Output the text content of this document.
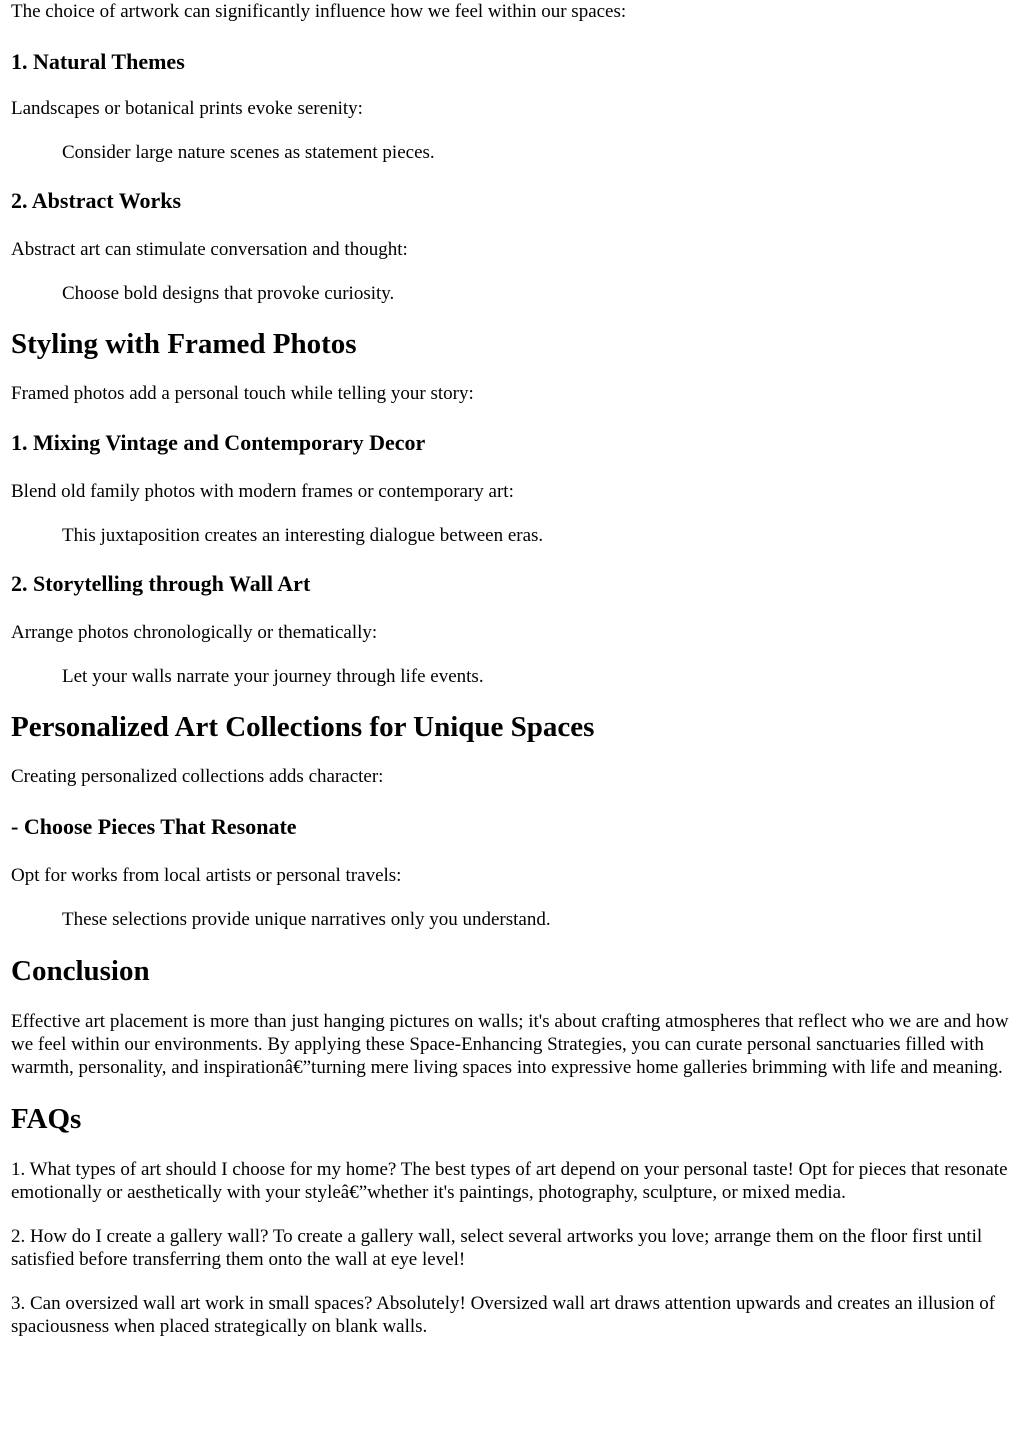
The choice of artwork can significantly influence how we feel within our spaces:

1. Natural Themes

Landscapes or botanical prints evoke serenity:

Consider large nature scenes as statement pieces.

2. Abstract Works

Abstract art can stimulate conversation and thought:

Choose bold designs that provoke curiosity.

Styling with Framed Photos

Framed photos add a personal touch while telling your story:

1. Mixing Vintage and Contemporary Decor

Blend old family photos with modern frames or contemporary art:

This juxtaposition creates an interesting dialogue between eras.

2. Storytelling through Wall Art

Arrange photos chronologically or thematically:

Let your walls narrate your journey through life events.

Personalized Art Collections for Unique Spaces

Creating personalized collections adds character:

- Choose Pieces That Resonate

Opt for works from local artists or personal travels:

These selections provide unique narratives only you understand.

Conclusion

Effective art placement is more than just hanging pictures on walls; it's about crafting atmospheres that reflect who we are and how we feel within our environments. By applying these Space-Enhancing Strategies, you can curate personal sanctuaries filled with warmth, personality, and inspirationâ€”turning mere living spaces into expressive home galleries brimming with life and meaning.

FAQs

1. What types of art should I choose for my home? The best types of art depend on your personal taste! Opt for pieces that resonate emotionally or aesthetically with your styleâ€”whether it's paintings, photography, sculpture, or mixed media.

2. How do I create a gallery wall? To create a gallery wall, select several artworks you love; arrange them on the floor first until satisfied before transferring them onto the wall at eye level!

3. Can oversized wall art work in small spaces? Absolutely! Oversized wall art draws attention upwards and creates an illusion of spaciousness when placed strategically on blank walls.
